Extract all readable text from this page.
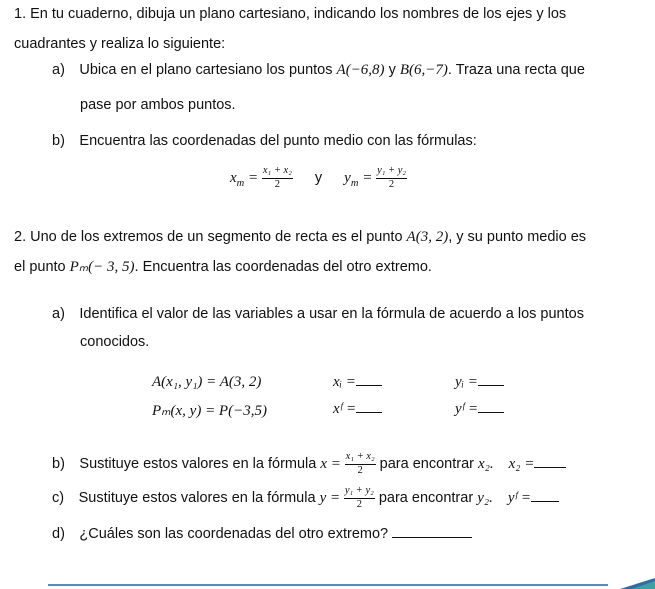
1. En tu cuaderno, dibuja un plano cartesiano, indicando los nombres de los ejes y los
cuadrantes y realiza lo siguiente:
a) Ubica en el plano cartesiano los puntos A(−6,8) y B(6,−7). Traza una recta que
pase por ambos puntos.
b) Encuentra las coordenadas del punto medio con las fórmulas:
$x_m = \frac{\text{x₁ + x₂}}{2}$ y $y_m = \frac{\text{y₁ + y₂}}{2}$
2. Uno de los extremos de un segmento de recta es el punto A(3, 2), y su punto medio es
el punto Pₘ(− 3, 5). Encuentra las coordenadas del otro extremo.
a) Identifica el valor de las variables a usar en la fórmula de acuerdo a los puntos
conocidos.
A(x₁, y₁) = A(3, 2)	xᵢ =	yᵢ =
Pₘ(x, y) = P(−3,5)	xᶠ =	yᶠ =
b) Sustituye estos valores en la fórmula $x = \frac{\text{x₁ + x₂}}{2}$ para encontrar x₂. x₂ =
c) Sustituye estos valores en la fórmula $y = \frac{\text{y₁ + y₂}}{2}$ para encontrar y₂. yᶠ =
d) ¿Cuáles son las coordenadas del otro extremo?
